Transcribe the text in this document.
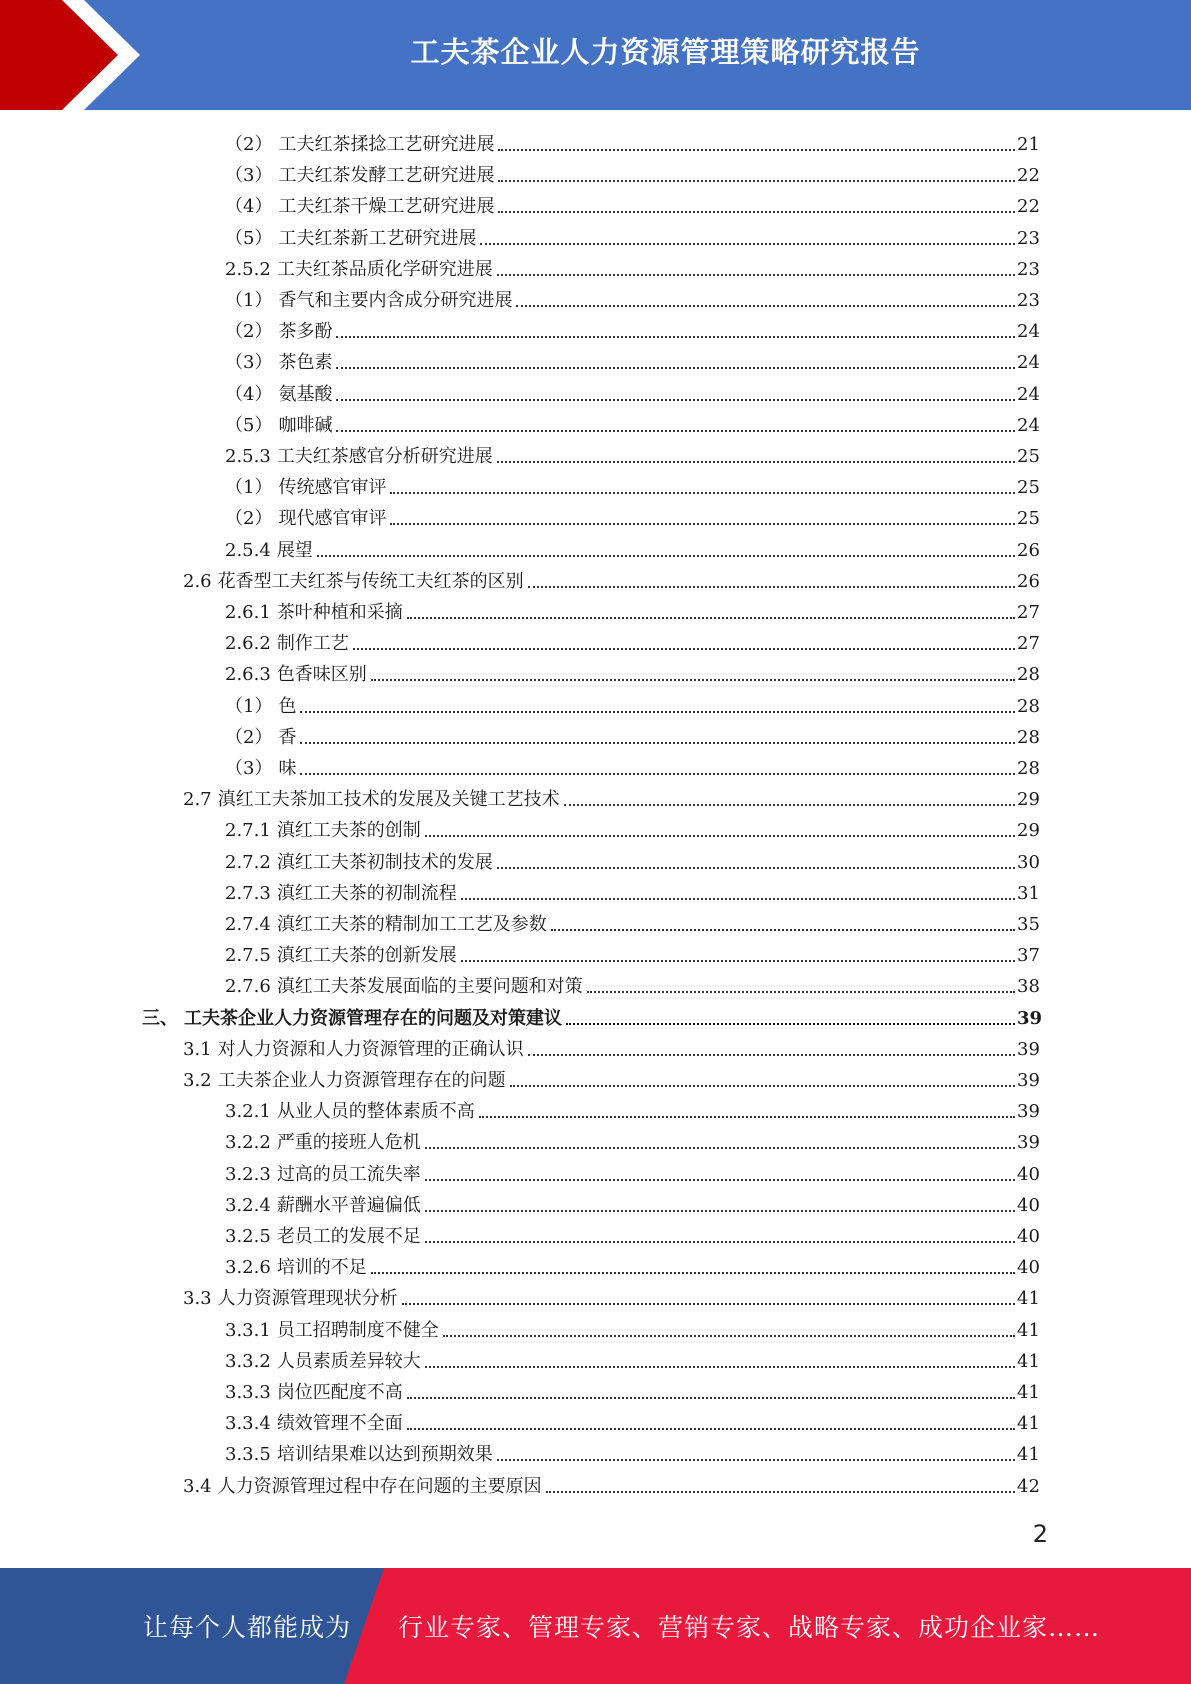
工夫茶企业人力资源管理策略研究报告
（2） 工夫红茶揉捻工艺研究进展	21
（3） 工夫红茶发酵工艺研究进展	22
（4） 工夫红茶干燥工艺研究进展	22
（5） 工夫红茶新工艺研究进展	23
2.5.2 工夫红茶品质化学研究进展	23
（1） 香气和主要内含成分研究进展	23
（2） 茶多酚	24
（3） 茶色素	24
（4） 氨基酸	24
（5） 咖啡碱	24
2.5.3 工夫红茶感官分析研究进展	25
（1） 传统感官审评	25
（2） 现代感官审评	25
2.5.4 展望	26
2.6 花香型工夫红茶与传统工夫红茶的区别	26
2.6.1 茶叶种植和采摘	27
2.6.2 制作工艺	27
2.6.3 色香味区别	28
（1） 色	28
（2） 香	28
（3） 味	28
2.7 滇红工夫茶加工技术的发展及关键工艺技术	29
2.7.1 滇红工夫茶的创制	29
2.7.2 滇红工夫茶初制技术的发展	30
2.7.3 滇红工夫茶的初制流程	31
2.7.4 滇红工夫茶的精制加工工艺及参数	35
2.7.5 滇红工夫茶的创新发展	37
2.7.6 滇红工夫茶发展面临的主要问题和对策	38
三、 工夫茶企业人力资源管理存在的问题及对策建议	39
3.1 对人力资源和人力资源管理的正确认识	39
3.2 工夫茶企业人力资源管理存在的问题	39
3.2.1 从业人员的整体素质不高	39
3.2.2 严重的接班人危机	39
3.2.3 过高的员工流失率	40
3.2.4 薪酬水平普遍偏低	40
3.2.5 老员工的发展不足	40
3.2.6 培训的不足	40
3.3 人力资源管理现状分析	41
3.3.1 员工招聘制度不健全	41
3.3.2 人员素质差异较大	41
3.3.3 岗位匹配度不高	41
3.3.4 绩效管理不全面	41
3.3.5 培训结果难以达到预期效果	41
3.4 人力资源管理过程中存在问题的主要原因	42
2
让每个人都能成为 行业专家、管理专家、营销专家、战略专家、成功企业家……
